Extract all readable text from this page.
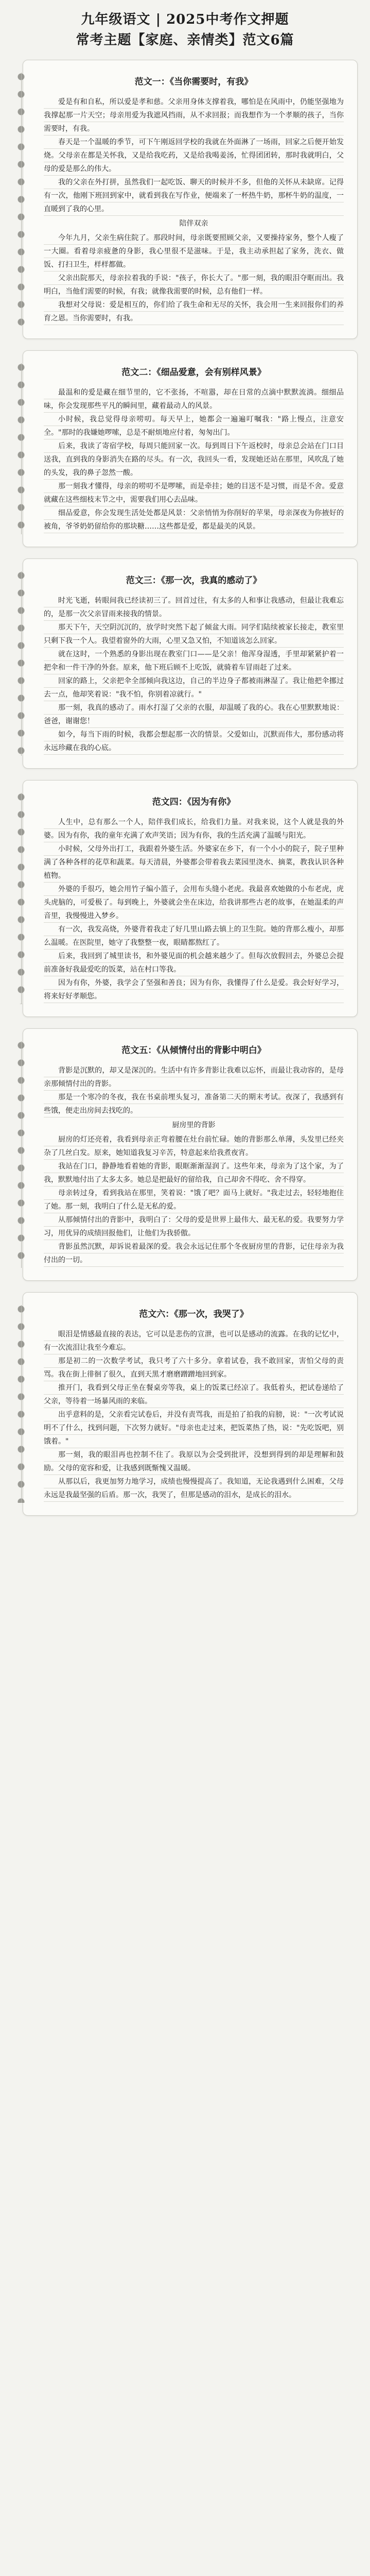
九年级语文 | 2025中考作文押题
常考主题【家庭、亲情类】范文6篇
范文一：《当你需要时，有我》

爱是有和自私，所以爱是孝和慈。父亲用身体支撑着我，哪怕是在风雨中，仍能坚强地为我撑起那一片天空；母亲用爱为我遮风挡雨，从不求回报；而我想作为一个孝顺的孩子，当你需要时，有我。

春天是一个温暖的季节，可下午刚返回学校的我就在外面淋了一场雨，回家之后便开始发烧。父母亲在都是关怀我，又是给我吃药，又是给我喝姜汤，忙得团团转，那时我就明白，父母的爱是那么的伟大。

我的父亲在外打拼，虽然我们一起吃饭、聊天的时候并不多，但他的关怀从未缺席。记得有一次，他刚下班回到家中，就看到我在写作业，便端来了一杯热牛奶，那杯牛奶的温度，一直暖到了我的心里。

陪伴双亲

今年九月，父亲生病住院了。那段时间，母亲既要照顾父亲，又要操持家务，整个人瘦了一大圈。看着母亲疲惫的身影，我心里很不是滋味。于是，我主动承担起了家务，洗衣、做饭、打扫卫生，样样都做。

父亲出院那天，母亲拉着我的手说："孩子，你长大了。"那一刻，我的眼泪夺眶而出。我明白，当他们需要的时候，有我；就像我需要的时候，总有他们一样。

我想对父母说：爱是相互的，你们给了我生命和无尽的关怀，我会用一生来回报你们的养育之恩。当你需要时，有我。

范文二：《细品爱意，会有别样风景》

最温和的爱是藏在细节里的，它不张扬，不喧嚣，却在日常的点滴中默默流淌。细细品味，你会发现那些平凡的瞬间里，藏着最动人的风景。

小时候，我总觉得母亲唠叨。每天早上，她都会一遍遍叮嘱我："路上慢点，注意安全。"那时的我嫌她啰嗦，总是不耐烦地应付着，匆匆出门。

后来，我读了寄宿学校，每周只能回家一次。每到周日下午返校时，母亲总会站在门口目送我，直到我的身影消失在路的尽头。有一次，我回头一看，发现她还站在那里，风吹乱了她的头发，我的鼻子忽然一酸。

那一刻我才懂得，母亲的唠叨不是啰嗦，而是牵挂；她的目送不是习惯，而是不舍。爱意就藏在这些细枝末节之中，需要我们用心去品味。

细品爱意，你会发现生活处处都是风景：父亲悄悄为你削好的苹果，母亲深夜为你掖好的被角，爷爷奶奶留给你的那块糖……这些都是爱，都是最美的风景。

范文三：《那一次，我真的感动了》

时光飞逝，转眼间我已经读初三了。回首过往，有太多的人和事让我感动，但最让我难忘的，是那一次父亲冒雨来接我的情景。

那天下午，天空阴沉沉的，放学时突然下起了倾盆大雨。同学们陆续被家长接走，教室里只剩下我一个人。我望着窗外的大雨，心里又急又怕，不知道该怎么回家。

就在这时，一个熟悉的身影出现在教室门口——是父亲！他浑身湿透，手里却紧紧护着一把伞和一件干净的外套。原来，他下班后顾不上吃饭，就骑着车冒雨赶了过来。

回家的路上，父亲把伞全部倾向我这边，自己的半边身子都被雨淋湿了。我让他把伞挪过去一点，他却笑着说："我不怕，你别着凉就行。"

那一刻，我真的感动了。雨水打湿了父亲的衣服，却温暖了我的心。我在心里默默地说：爸爸，谢谢您！

如今，每当下雨的时候，我都会想起那一次的情景。父爱如山，沉默而伟大，那份感动将永远珍藏在我的心底。

范文四：《因为有你》

人生中，总有那么一个人，陪伴我们成长，给我们力量。对我来说，这个人就是我的外婆。因为有你，我的童年充满了欢声笑语；因为有你，我的生活充满了温暖与阳光。

小时候，父母外出打工，我跟着外婆生活。外婆家在乡下，有一个小小的院子，院子里种满了各种各样的花草和蔬菜。每天清晨，外婆都会带着我去菜园里浇水、摘菜，教我认识各种植物。

外婆的手很巧，她会用竹子编小篮子，会用布头缝小老虎。我最喜欢她做的小布老虎，虎头虎脑的，可爱极了。每到晚上，外婆就会坐在床边，给我讲那些古老的故事，在她温柔的声音里，我慢慢进入梦乡。

有一次，我发高烧，外婆背着我走了好几里山路去镇上的卫生院。她的背那么瘦小，却那么温暖。在医院里，她守了我整整一夜，眼睛都熬红了。

后来，我回到了城里读书，和外婆见面的机会越来越少了。但每次放假回去，外婆总会提前准备好我最爱吃的饭菜，站在村口等我。

因为有你，外婆，我学会了坚强和善良；因为有你，我懂得了什么是爱。我会好好学习，将来好好孝顺您。

范文五：《从倾情付出的背影中明白》

背影是沉默的，却又是深沉的。生活中有许多背影让我难以忘怀，而最让我动容的，是母亲那倾情付出的背影。

那是一个寒冷的冬夜，我在书桌前埋头复习，准备第二天的期末考试。夜深了，我感到有些饿，便走出房间去找吃的。

厨房里的背影

厨房的灯还亮着，我看到母亲正弯着腰在灶台前忙碌。她的背影那么单薄，头发里已经夹杂了几丝白发。原来，她知道我复习辛苦，特意起来给我煮夜宵。

我站在门口，静静地看着她的背影，眼眶渐渐湿润了。这些年来，母亲为了这个家，为了我，默默地付出了太多太多。她总是把最好的留给我，自己却舍不得吃、舍不得穿。

母亲转过身，看到我站在那里，笑着说："饿了吧？面马上就好。"我走过去，轻轻地抱住了她。那一刻，我明白了什么是无私的爱。

从那倾情付出的背影中，我明白了：父母的爱是世界上最伟大、最无私的爱。我要努力学习，用优异的成绩回报他们，让他们为我骄傲。

背影虽然沉默，却诉说着最深的爱。我会永远记住那个冬夜厨房里的背影，记住母亲为我付出的一切。

范文六：《那一次，我哭了》

眼泪是情感最直接的表达，它可以是悲伤的宣泄，也可以是感动的流露。在我的记忆中，有一次流泪让我至今难忘。

那是初二的一次数学考试，我只考了六十多分。拿着试卷，我不敢回家，害怕父母的责骂。我在街上徘徊了很久，直到天黑才磨磨蹭蹭地回到家。

推开门，我看到父母正坐在餐桌旁等我，桌上的饭菜已经凉了。我低着头，把试卷递给了父亲，等待着一场暴风雨的来临。

出乎意料的是，父亲看完试卷后，并没有责骂我，而是拍了拍我的肩膀，说："一次考试说明不了什么，找到问题，下次努力就好。"母亲也走过来，把饭菜热了热，说："先吃饭吧，别饿着。"

那一刻，我的眼泪再也控制不住了。我原以为会受到批评，没想到得到的却是理解和鼓励。父母的宽容和爱，让我感到既惭愧又温暖。

从那以后，我更加努力地学习，成绩也慢慢提高了。我知道，无论我遇到什么困难，父母永远是我最坚强的后盾。那一次，我哭了，但那是感动的泪水，是成长的泪水。
